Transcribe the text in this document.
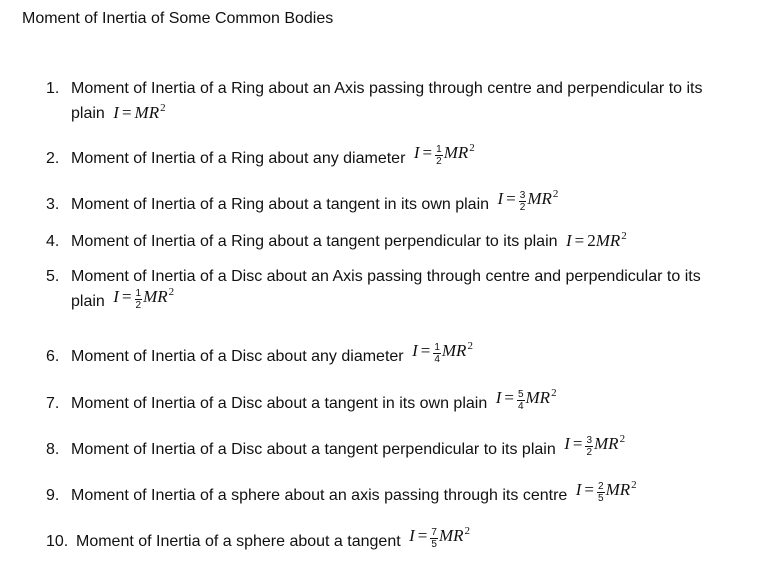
Moment of Inertia of Some Common Bodies
1. Moment of Inertia of a Ring about an Axis passing through centre and perpendicular to its
plain $I = MR^2$
2. Moment of Inertia of a Ring about any diameter $I = \frac{1}{2} MR^2$
3. Moment of Inertia of a Ring about a tangent in its own plain $I = \frac{3}{2} MR^2$
4. Moment of Inertia of a Ring about a tangent perpendicular to its plain $I = 2MR^2$
5. Moment of Inertia of a Disc about an Axis passing through centre and perpendicular to its
plain $I = \frac{1}{2} MR^2$
6. Moment of Inertia of a Disc about any diameter $I = \frac{1}{4} MR^2$
7. Moment of Inertia of a Disc about a tangent in its own plain $I = \frac{5}{4} MR^2$
8. Moment of Inertia of a Disc about a tangent perpendicular to its plain $I = \frac{3}{2} MR^2$
9. Moment of Inertia of a sphere about an axis passing through its centre $I = \frac{2}{5} MR^2$
10. Moment of Inertia of a sphere about a tangent $I = \frac{7}{5} MR^2$
